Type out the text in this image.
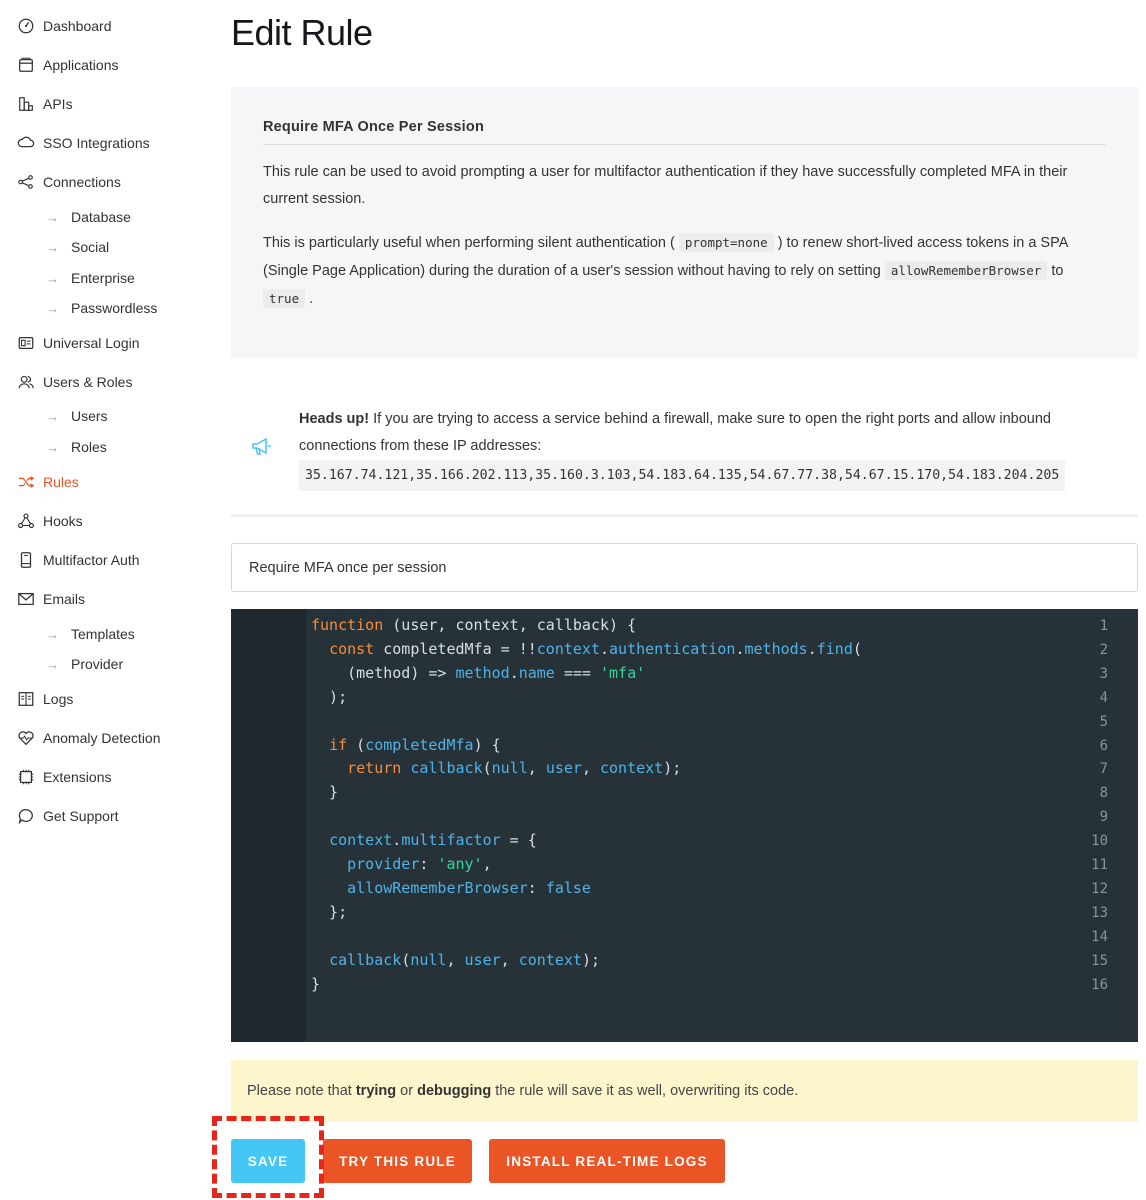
Dashboard
Applications
APIs
SSO Integrations
Connections
→ Database
→ Social
→ Enterprise
→ Passwordless
Universal Login
Users & Roles
→ Users
→ Roles
Rules
Hooks
Multifactor Auth
Emails
→ Templates
→ Provider
Logs
Anomaly Detection
Extensions
Get Support
Edit Rule
Require MFA Once Per Session

This rule can be used to avoid prompting a user for multifactor authentication if they have successfully completed MFA in their current session.

This is particularly useful when performing silent authentication ( prompt=none ) to renew short-lived access tokens in a SPA (Single Page Application) during the duration of a user's session without having to rely on setting allowRememberBrowser to true .

Heads up! If you are trying to access a service behind a firewall, make sure to open the right ports and allow inbound connections from these IP addresses:
35.167.74.121,35.166.202.113,35.160.3.103,54.183.64.135,54.67.77.38,54.67.15.170,54.183.204.205
Require MFA once per session
1
2
3
4
5
6
7
8
9
10
11
12
13
14
15
16
function (user, context, callback) {
const completedMfa = !!context.authentication.methods.find(
(method) => method.name === 'mfa'
);
if (completedMfa) {
return callback(null, user, context);
}
context.multifactor = {
provider: 'any',
allowRememberBrowser: false
};
callback(null, user, context);
}
Please note that
trying
or
debugging
the rule will save it as well, overwriting its code.
SAVE	TRY THIS RULE	INSTALL REAL-TIME LOGS
